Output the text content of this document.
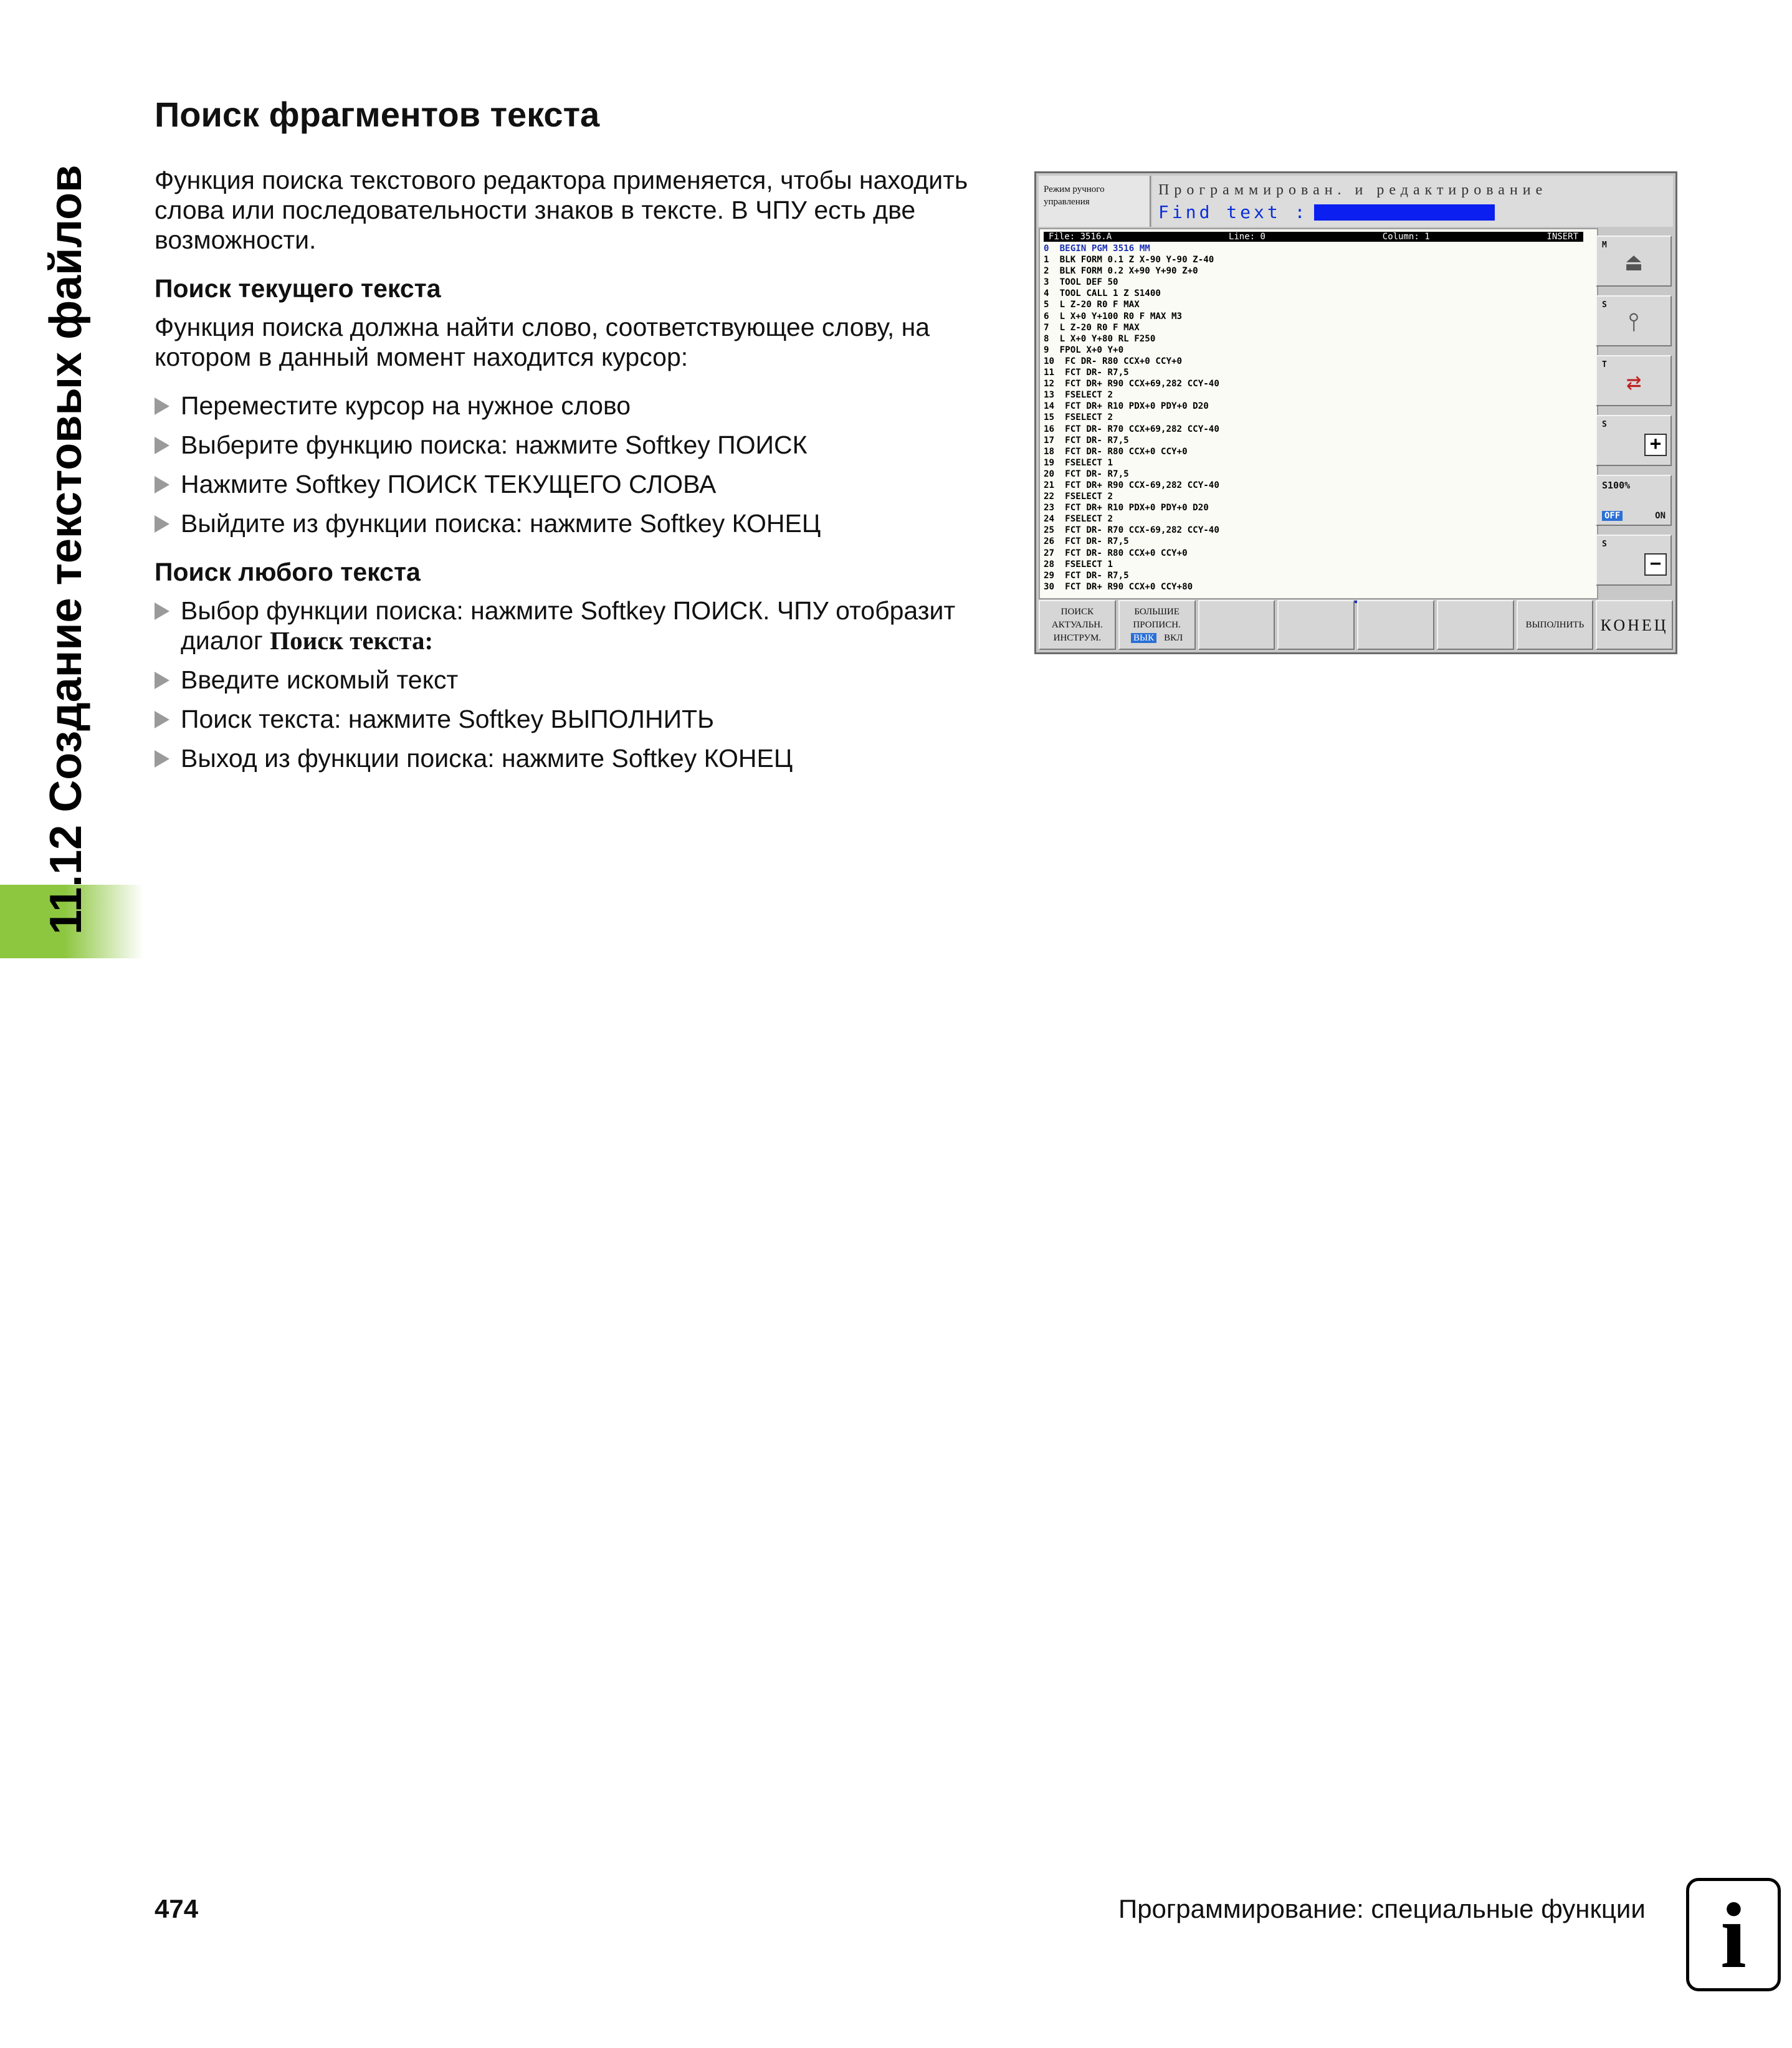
11.12 Создание текстовых файлов
Поиск фрагментов текста

Функция поиска текстового редактора применяется, чтобы находить слова или последовательности знаков в тексте. В ЧПУ есть две возможности.

Поиск текущего текста

Функция поиска должна найти слово, соответствующее слову, на котором в данный момент находится курсор:

Переместите курсор на нужное слово
Выберите функцию поиска: нажмите Softkey ПОИСК
Нажмите Softkey ПОИСК ТЕКУЩЕГО СЛОВА
Выйдите из функции поиска: нажмите Softkey КОНЕЦ
Поиск любого текста
Выбор функции поиска: нажмите Softkey ПОИСК. ЧПУ отобразит диалог Поиск текста:
Введите искомый текст
Поиск текста: нажмите Softkey ВЫПОЛНИТЬ
Выход из функции поиска: нажмите Softkey КОНЕЦ
Режим ручного
управления
Программирован. и редактирование
Find text :
File: 3516.A	Line: 0	Column: 1	INSERT
0  BEGIN PGM 3516 MM
1  BLK FORM 0.1 Z X-90 Y-90 Z-40
2  BLK FORM 0.2 X+90 Y+90 Z+0
3  TOOL DEF 50
4  TOOL CALL 1 Z S1400
5  L Z-20 R0 F MAX
6  L X+0 Y+100 R0 F MAX M3
7  L Z-20 R0 F MAX
8  L X+0 Y+80 RL F250
9  FPOL X+0 Y+0
10  FC DR- R80 CCX+0 CCY+0
11  FCT DR- R7,5
12  FCT DR+ R90 CCX+69,282 CCY-40
13  FSELECT 2
14  FCT DR+ R10 PDX+0 PDY+0 D20
15  FSELECT 2
16  FCT DR- R70 CCX+69,282 CCY-40
17  FCT DR- R7,5
18  FCT DR- R80 CCX+0 CCY+0
19  FSELECT 1
20  FCT DR- R7,5
21  FCT DR+ R90 CCX-69,282 CCY-40
22  FSELECT 2
23  FCT DR+ R10 PDX+0 PDY+0 D20
24  FSELECT 2
25  FCT DR- R70 CCX-69,282 CCY-40
26  FCT DR- R7,5
27  FCT DR- R80 CCX+0 CCY+0
28  FSELECT 1
29  FCT DR- R7,5
30  FCT DR+ R90 CCX+0 CCY+80
M
⏏
S
⫯
T
⇄
S
+
S100%
OFF	ON
S
−
ПОИСК
АКТУАЛЬН.
ИНСТРУМ.
БОЛЬШИЕ
ПРОПИСН.
ВЫК ВКЛ
ВЫПОЛНИТЬ КОНЕЦ
474	Программирование: специальные функции i
